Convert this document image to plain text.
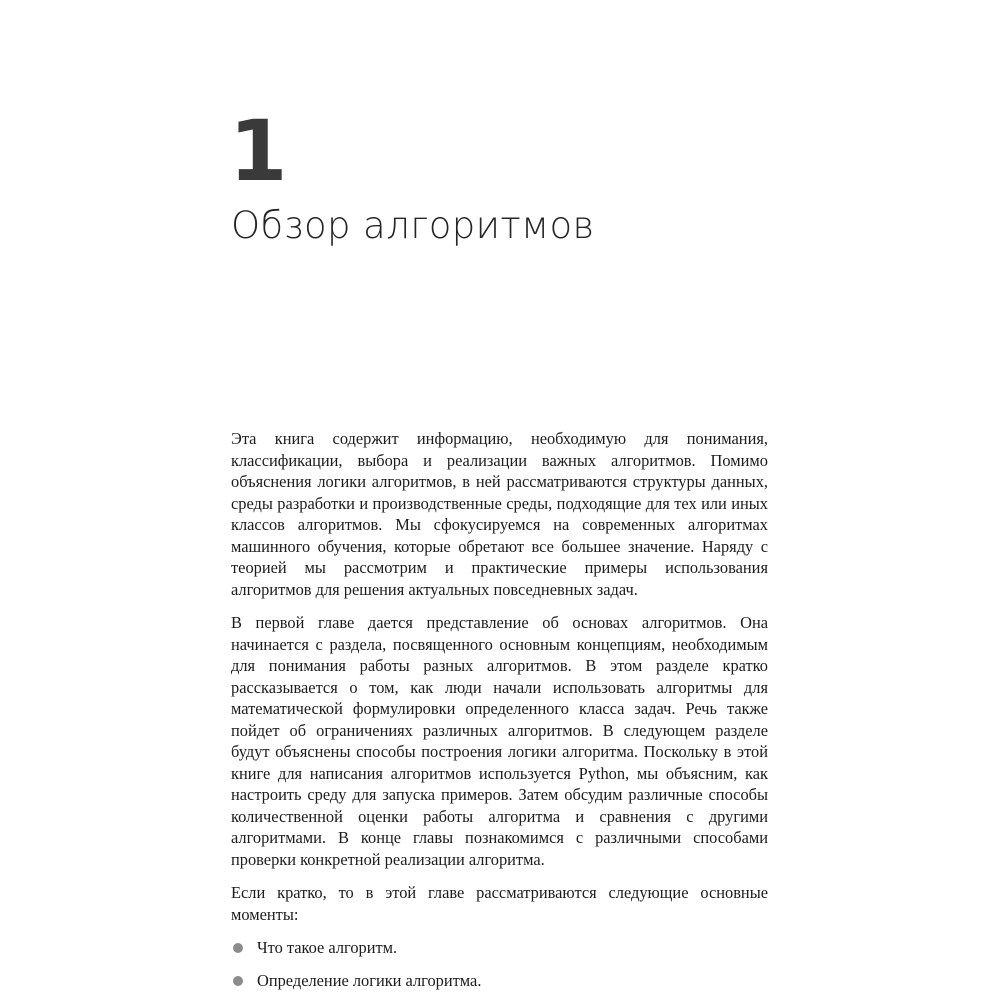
1
Обзор алгоритмов

Эта книга содержит информацию, необходимую для понимания, классификации, выбора и реализации важных алгоритмов. Помимо объяснения логики алгоритмов, в ней рассматриваются структуры данных, среды разработки и производственные среды, подходящие для тех или иных классов алгоритмов. Мы сфокусируемся на современных алгоритмах машинного обучения, которые обретают все большее значение. Наряду с теорией мы рассмотрим и практические примеры использования алгоритмов для решения актуальных повседневных задач.

В первой главе дается представление об основах алгоритмов. Она начинается с раздела, посвященного основным концепциям, необходимым для понимания работы разных алгоритмов. В этом разделе кратко рассказывается о том, как люди начали использовать алгоритмы для математической формулировки определенного класса задач. Речь также пойдет об ограничениях различных алгоритмов. В следующем разделе будут объяснены способы построения логики алгоритма. Поскольку в этой книге для написания алгоритмов используется Python, мы объясним, как настроить среду для запуска примеров. Затем обсудим различные способы количественной оценки работы алгоритма и сравнения с другими алгоритмами. В конце главы познакомимся с различными способами проверки конкретной реализации алгоритма.

Если кратко, то в этой главе рассматриваются следующие основные моменты:

Что такое алгоритм.
Определение логики алгоритма.
